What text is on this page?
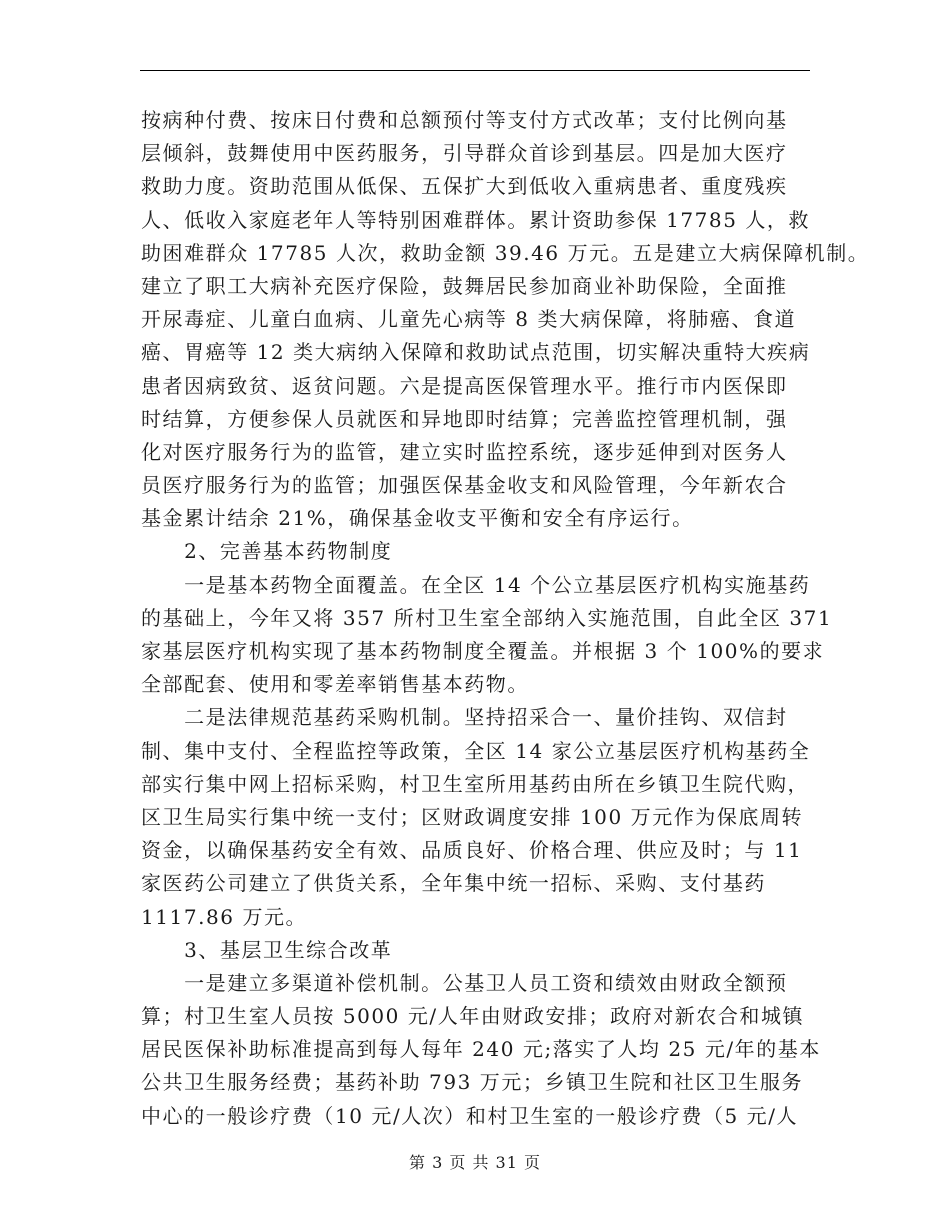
按病种付费、按床日付费和总额预付等支付方式改革；支付比例向基
层倾斜，鼓舞使用中医药服务，引导群众首诊到基层。四是加大医疗
救助力度。资助范围从低保、五保扩大到低收入重病患者、重度残疾
人、低收入家庭老年人等特别困难群体。累计资助参保 17785 人，救
助困难群众 17785 人次，救助金额 39.46 万元。五是建立大病保障机制。
建立了职工大病补充医疗保险，鼓舞居民参加商业补助保险，全面推
开尿毒症、儿童白血病、儿童先心病等 8 类大病保障，将肺癌、食道
癌、胃癌等 12 类大病纳入保障和救助试点范围，切实解决重特大疾病
患者因病致贫、返贫问题。六是提高医保管理水平。推行市内医保即
时结算，方便参保人员就医和异地即时结算；完善监控管理机制，强
化对医疗服务行为的监管，建立实时监控系统，逐步延伸到对医务人
员医疗服务行为的监管；加强医保基金收支和风险管理，今年新农合
基金累计结余 21%，确保基金收支平衡和安全有序运行。
　　2、完善基本药物制度
　　一是基本药物全面覆盖。在全区 14 个公立基层医疗机构实施基药
的基础上，今年又将 357 所村卫生室全部纳入实施范围，自此全区 371
家基层医疗机构实现了基本药物制度全覆盖。并根据 3 个 100%的要求
全部配套、使用和零差率销售基本药物。
　　二是法律规范基药采购机制。坚持招采合一、量价挂钩、双信封
制、集中支付、全程监控等政策，全区 14 家公立基层医疗机构基药全
部实行集中网上招标采购，村卫生室所用基药由所在乡镇卫生院代购，
区卫生局实行集中统一支付；区财政调度安排 100 万元作为保底周转
资金，以确保基药安全有效、品质良好、价格合理、供应及时；与 11
家医药公司建立了供货关系，全年集中统一招标、采购、支付基药
1117.86 万元。
　　3、基层卫生综合改革
　　一是建立多渠道补偿机制。公基卫人员工资和绩效由财政全额预
算；村卫生室人员按 5000 元/人年由财政安排；政府对新农合和城镇
居民医保补助标准提高到每人每年 240 元;落实了人均 25 元/年的基本
公共卫生服务经费；基药补助 793 万元；乡镇卫生院和社区卫生服务
中心的一般诊疗费（10 元/人次）和村卫生室的一般诊疗费（5 元/人
第 3 页 共 31 页
